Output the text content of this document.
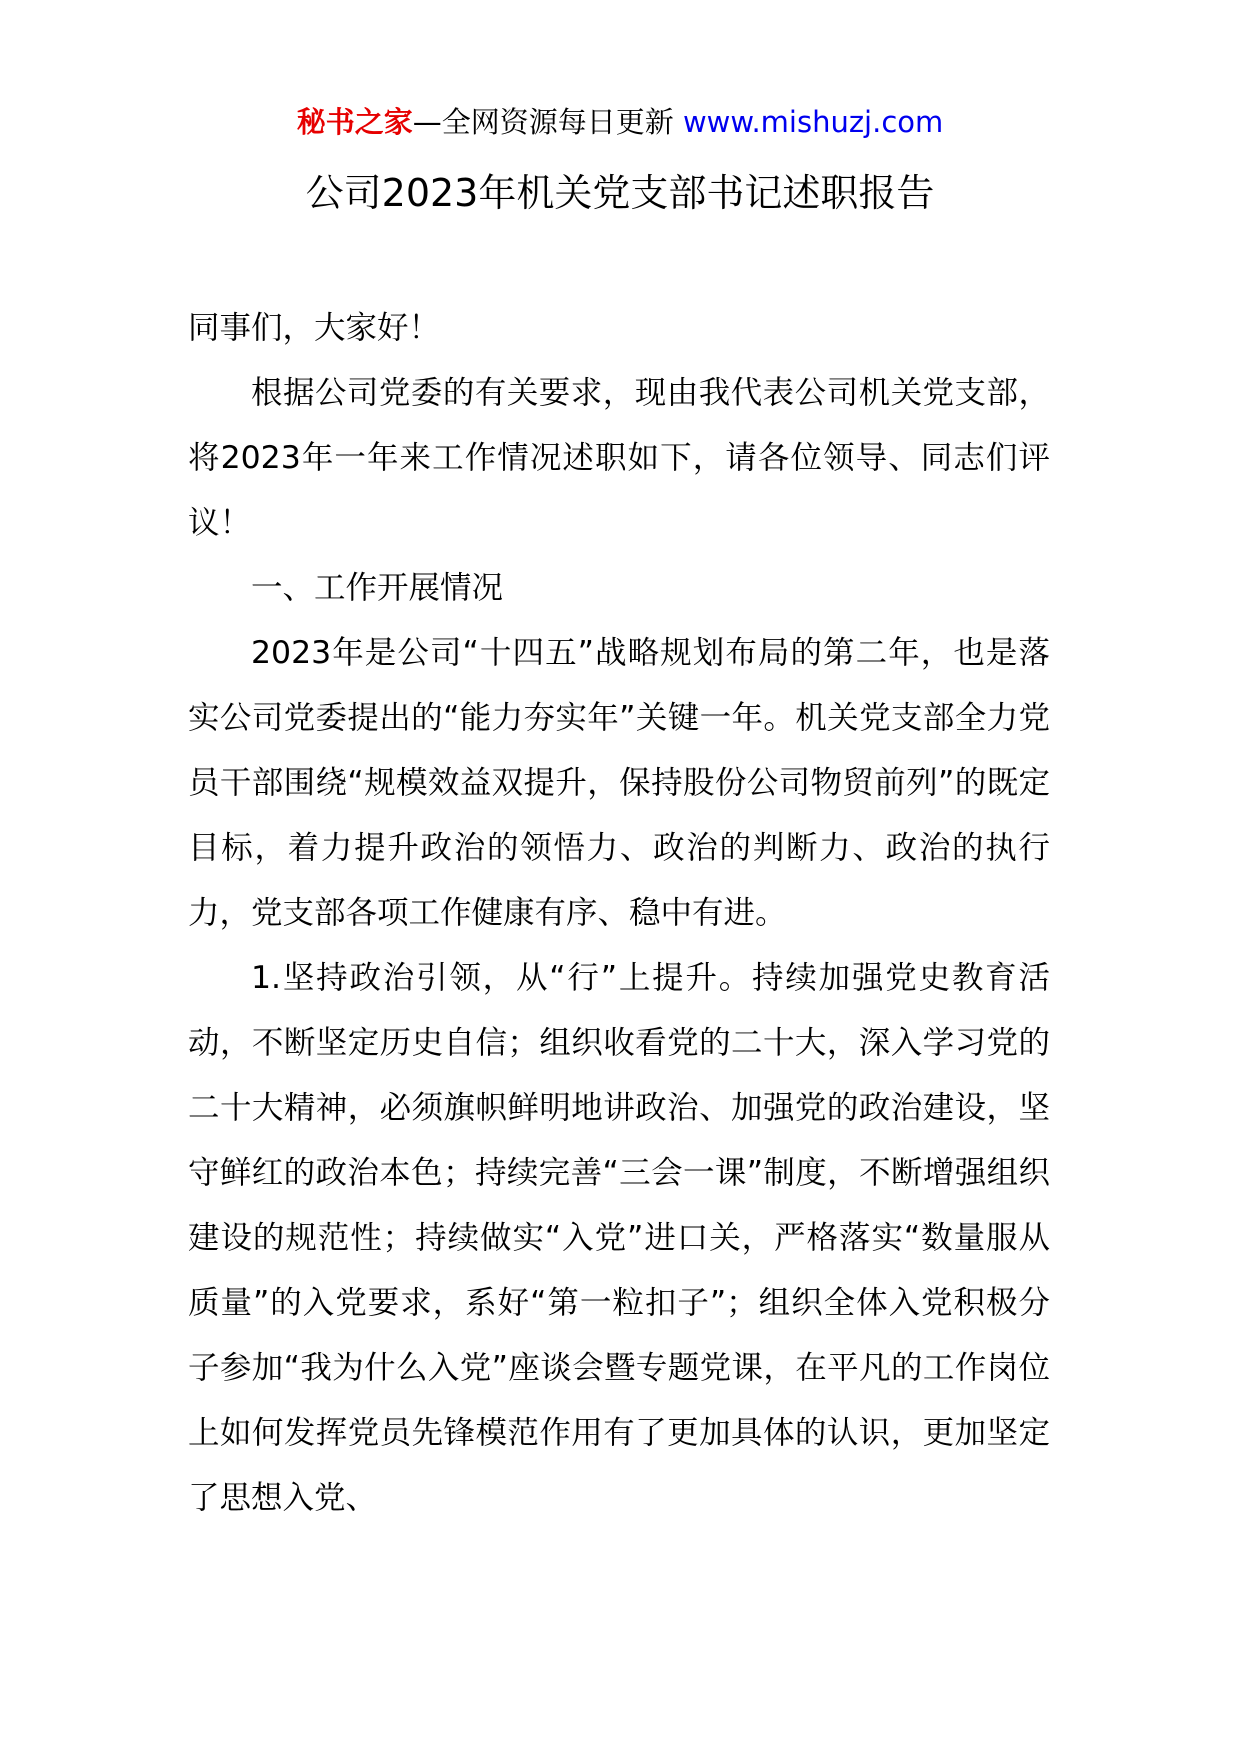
秘书之家—全网资源每日更新 www.mishuzj.com
公司2023年机关党支部书记述职报告

同事们，大家好！

根据公司党委的有关要求，现由我代表公司机关党支部，将2023年一年来工作情况述职如下，请各位领导、同志们评议！

一、工作开展情况

2023年是公司“十四五”战略规划布局的第二年，也是落实公司党委提出的“能力夯实年”关键一年。机关党支部全力党员干部围绕“规模效益双提升，保持股份公司物贸前列”的既定目标，着力提升政治的领悟力、政治的判断力、政治的执行力，党支部各项工作健康有序、稳中有进。

1.坚持政治引领，从“行”上提升。持续加强党史教育活动，不断坚定历史自信；组织收看党的二十大，深入学习党的二十大精神，必须旗帜鲜明地讲政治、加强党的政治建设，坚守鲜红的政治本色；持续完善“三会一课”制度，不断增强组织建设的规范性；持续做实“入党”进口关，严格落实“数量服从质量”的入党要求，系好“第一粒扣子”；组织全体入党积极分子参加“我为什么入党”座谈会暨专题党课，在平凡的工作岗位上如何发挥党员先锋模范作用有了更加具体的认识，更加坚定了思想入党、
